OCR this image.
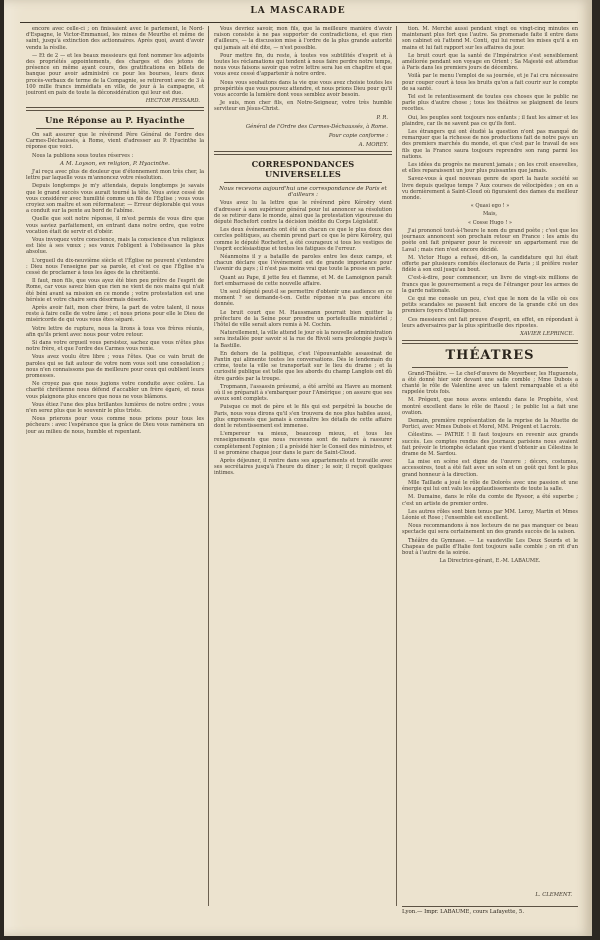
LA MASCARADE

encore avec celle-ci ; on finissaient avec le parlement, le Nord-d'Espagne, le Victor-Emmanuel, les mines de Meurthe et même de saint, jusqu'à extinction des actionnaires. Après quoi, avant d'avoir vendu la résilie.

— Et de 2 — et les beaux messieurs qui font nommer les adjoints des propriétés appointements, des charges et des jetons de présence en même ayant cours, des gratifications en billets de banque pour avoir administré ce pour les bourses, leurs deux procès-verbaux de terme de la Compagnie, se retireront avec de 3 à 100 mille francs immédiats en ville, de jour à la campagne, et jouiront en paix de toute la déconsidération qui leur est due.

HECTOR PESSARD.
Une Réponse au P. Hyacinthe

On sait assurer que le révérend Père Général de l'ordre des Carmes-Déchaussés, à Rome, vient d'adresser au P. Hyacinthe la réponse que voici.

Nous la publions sous toutes réserves :

A M. Loyson, en religion, P. Hyacinthe.

J'ai reçu avec plus de douleur que d'étonnement mon très cher, la lettre par laquelle vous m'annoncez votre résolution.

Depuis longtemps je m'y attendais, depuis longtemps je savais que le grand succès vous aurait tourné la tête. Vous aviez cessé de vous considérer avec humilité comme un fils de l'Église ; vous vous croyiez son maître et son réformateur. — Erreur déplorable qui vous a conduit sur la pente au bord de l'abîme.

Quelle que soit notre réponse, il m'est permis de vous dire que vous saviez parfaitement, en entrant dans notre ordre, que votre vocation était de servir et d'obéir.

Vous invoquez votre conscience, mais la conscience d'un religieux est liée à ses vœux ; ses vœux l'obligent à l'obéissance la plus absolue.

L'orgueil du dix-neuvième siècle et l'Église ne peuvent s'entendre : Dieu nous l'enseigne par sa parole, et c'est ce que l'Église n'a cessé de proclamer à tous les âges de la chrétienté.

Il faut, mon fils, que vous ayez été bien peu prêtre de l'esprit de Rome, car vous savez bien que rien ne vient de nos mains qui n'ait été béni avant sa mission en ce monde ; votre protestation est une hérésie et votre chaire sera désormais déserte.

Après avoir fait, mon cher frère, la part de votre talent, il nous reste à faire celle de votre âme ; et nous prions pour elle le Dieu de miséricorde de qui vous vous êtes séparé.

Votre lettre de rupture, nous la lirons à tous vos frères réunis, afin qu'ils prient avec nous pour votre retour.

Si dans votre orgueil vous persistez, sachez que vous n'êtes plus notre frère, et que l'ordre des Carmes vous renie.

Vous avez voulu être libre ; vous l'êtes. Que ce vain bruit de paroles qui se fait autour de votre nom vous soit une consolation ; nous n'en connaissons pas de meilleure pour ceux qui oublient leurs promesses.

Ne croyez pas que nous jugions votre conduite avec colère. La charité chrétienne nous défend d'accabler un frère égaré, et nous vous plaignons plus encore que nous ne vous blâmons.

Vous étiez l'une des plus brillantes lumières de notre ordre ; vous n'en serez plus que le souvenir le plus triste.

Nous prierons pour vous comme nous prions pour tous les pécheurs : avec l'espérance que la grâce de Dieu vous ramènera un jour au milieu de nous, humble et repentant.

Vous devriez savoir, mon fils, que la meilleure manière d'avoir raison consiste à ne pas supporter de contradictions, et que rien d'ailleurs, — la discussion mise à l'ordre de la plus grande autorité qui jamais ait été dite, — n'est possible.

Pour mettre fin, du reste, à toutes vos subtilités d'esprit et à toutes les réclamations qui tendent à nous faire perdre notre temps, nous vous faisons savoir que votre lettre sera lue en chapitre et que vous avez cessé d'appartenir à notre ordre.

Nous vous souhaitons dans la vie que vous avez choisie toutes les prospérités que vous pouvez attendre, et nous prions Dieu pour qu'il vous accorde la lumière dont vous semblez avoir besoin.

Je suis, mon cher fils, en Notre-Seigneur, votre très humble serviteur en Jésus-Christ.

P. R.
Général de l'Ordre des Carmes-Déchaussés, à Rome.
Pour copie conforme :
A. MOREY.
CORRESPONDANCES UNIVERSELLES
Nous recevons aujourd'hui une correspondance de Paris et d'ailleurs :

Vous avez lu la lettre que le révérend père Kéroëry vient d'adresser à son supérieur général pour lui annoncer sa résolution de se retirer dans le monde, ainsi que la protestation vigoureuse du député Rochefort contre la décision inédite du Corps Législatif.

Les deux événements ont été un chacun ce que le plus doux des cercles politiques, au chemin prend part ce que le père Kéroëry, qui comme le député Rochefort, a été courageux si tous les vestiges de l'esprit ecclésiastique et toutes les fatigues de l'erreur.

Néanmoins il y a bataille de paroles entre les deux camps, et chacun déclare que l'événement est de grande importance pour l'avenir du pays ; il n'est pas moins vrai que toute la presse en parle.

Quant au Pape, il jette feu et flamme, et M. de Lamoignon paraît fort embarrassé de cette nouvelle affaire.

Un seul député peut-il se permettre d'obtenir une audience en ce moment ? se demande-t-on. Cette réponse n'a pas encore été donnée.

Le bruit court que M. Haussmann pourrait bien quitter la préfecture de la Seine pour prendre un portefeuille ministériel ; l'hôtel de ville serait alors remis à M. Cochin.

Naturellement, la ville attend le jour où la nouvelle administration sera installée pour savoir si la rue de Rivoli sera prolongée jusqu'à la Bastille.

En dehors de la politique, c'est l'épouvantable assassinat de Pantin qui alimente toutes les conversations. Dès le lendemain du crime, toute la ville se transportait sur le lieu du drame ; et la curiosité publique est telle que les abords du champ Langlois ont dû être gardés par la troupe.

Tropmann, l'assassin présumé, a été arrêté au Havre au moment où il se préparait à s'embarquer pour l'Amérique ; on assure que ses aveux sont complets.

Puisque ce mot de père et le fils qui est perpétré la bouche de Paris, nous vous dirons qu'il s'en trouvera de nos plus habiles aussi, plus empressés que jamais à connaître les détails de cette affaire dont le retentissement est immense.

L'empereur va mieux, beaucoup mieux, et tous les renseignements que nous recevons sont de nature à rassurer complètement l'opinion ; il a présidé hier le Conseil des ministres, et il se promène chaque jour dans le parc de Saint-Cloud.

Après déjeuner, il rentre dans ses appartements et travaille avec ses secrétaires jusqu'à l'heure du dîner ; le soir, il reçoit quelques intimes.

tion. M. Merché aussi pendant vingt ou vingt-cinq minutes en maintenant plus fort que l'autre. Sa promenade faite il entre dans son cabinet où l'attend M. Conti, qui lui remet les mises qu'il a en mains et lui fait rapport sur les affaires du jour.

Le bruit court que la santé de l'Impératrice s'est sensiblement améliorée pendant son voyage en Orient ; Sa Majesté est attendue à Paris dans les premiers jours de décembre.

Voilà par le menu l'emploi de sa journée, et je l'ai cru nécessaire pour couper court à tous les bruits qu'on a fait courir sur le compte de sa santé.

Tel est le retentissement de toutes ces choses que le public ne parle plus d'autre chose ; tous les théâtres se plaignent de leurs recettes.

Oui, les peuples sont toujours nos enfants ; il faut les aimer et les plaindre, car ils ne savent pas ce qu'ils font.

Les étrangers qui ont étudié la question n'ont pas manqué de remarquer que la richesse de nos productions fait de notre pays un des premiers marchés du monde, et que c'est par le travail de ses fils que la France saura toujours reprendre son rang parmi les nations.

Les idées du progrès ne meurent jamais ; on les croit ensevelies, et elles reparaissent un jour plus puissantes que jamais.

Savez-vous à quel nouveau genre de sport la haute société se livre depuis quelque temps ? Aux courses de vélocipèdes ; on en a vu dernièrement à Saint-Cloud où figuraient des dames du meilleur monde.

« Quasi ego ! »

Mais,

« Cosse Hugo ! »

J'ai prononcé tout-à-l'heure le nom du grand poète ; c'est que les journaux annoncent son prochain retour en France : les amis du poète ont fait préparer pour le recevoir un appartement rue de Laval ; mais rien n'est encore décidé.

M. Victor Hugo a refusé, dit-on, la candidature qui lui était offerte par plusieurs comités électoraux de Paris ; il préfère rester fidèle à son exil jusqu'au bout.

C'est-à-dire, pour commencer, un livre de vingt-six millions de francs que le gouvernement a reçu de l'étranger pour les armes de la garde nationale.

Ce qui me console un peu, c'est que le nom de la ville où ces petits scandales se passent fait encore de la grande cité un des premiers foyers d'intelligence.

Ces messieurs ont fait preuve d'esprit, en effet, en répondant à leurs adversaires par la plus spirituelle des ripostes.

XAVIER LEPRINCE.
THÉATRES

Grand-Théâtre. — Le chef-d'œuvre de Meyerbeer, les Huguenots, a été donné hier soir devant une salle comble ; Mme Dubois a chanté le rôle de Valentine avec un talent remarquable et a été rappelée trois fois.

M. Prégent, que nous avons entendu dans le Prophète, s'est montré excellent dans le rôle de Raoul ; le public lui a fait une ovation.

Demain, première représentation de la reprise de la Muette de Portici, avec Mmes Dubois et Morel, MM. Prégent et Lacroix.

Célestins. — PATRIE ! Il faut toujours en revenir aux grands succès. Les comptes rendus des journaux parisiens nous avaient fait prévoir le triomphe éclatant que vient d'obtenir au Célestins le drame de M. Sardou.

La mise en scène est digne de l'œuvre ; décors, costumes, accessoires, tout a été fait avec un soin et un goût qui font le plus grand honneur à la direction.

Mlle Taillade a joué le rôle de Dolorès avec une passion et une énergie qui lui ont valu les applaudissements de toute la salle.

M. Dumaine, dans le rôle du comte de Rysoor, a été superbe ; c'est un artiste de premier ordre.

Les autres rôles sont bien tenus par MM. Leroy, Martin et Mmes Léonie et Rose ; l'ensemble est excellent.

Nous recommandons à nos lecteurs de ne pas manquer ce beau spectacle qui sera certainement un des grands succès de la saison.

Théâtre du Gymnase. — Le vaudeville Les Deux Sourds et le Chapeau de paille d'Italie font toujours salle comble ; on rit d'un bout à l'autre de la soirée.

La Directrice-gérant, E.-M. LABAUME.

L. CLEMENT.
Lyon.— Impr. LABAUME, cours Lafayette, 5.
